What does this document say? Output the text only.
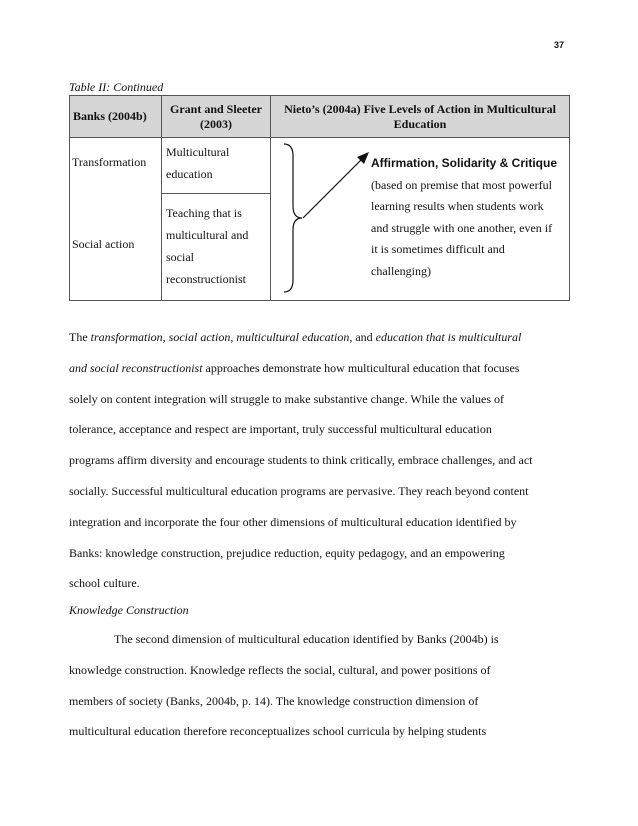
37
Table II: Continued
Banks (2004b)
Grant and Sleeter
(2003)
Nieto’s (2004a) Five Levels of Action in Multicultural
Education
Transformation
Multicultural
education
Social action
Teaching that is
multicultural and
social
reconstructionist
Affirmation, Solidarity & Critique
(based on premise that most powerful
learning results when students work
and struggle with one another, even if
it is sometimes difficult and
challenging)
The transformation, social action, multicultural education, and education that is multicultural
and social reconstructionist approaches demonstrate how multicultural education that focuses
solely on content integration will struggle to make substantive change. While the values of
tolerance, acceptance and respect are important, truly successful multicultural education
programs affirm diversity and encourage students to think critically, embrace challenges, and act
socially. Successful multicultural education programs are pervasive. They reach beyond content
integration and incorporate the four other dimensions of multicultural education identified by
Banks: knowledge construction, prejudice reduction, equity pedagogy, and an empowering
school culture.
Knowledge Construction
The second dimension of multicultural education identified by Banks (2004b) is
knowledge construction. Knowledge reflects the social, cultural, and power positions of
members of society (Banks, 2004b, p. 14). The knowledge construction dimension of
multicultural education therefore reconceptualizes school curricula by helping students
